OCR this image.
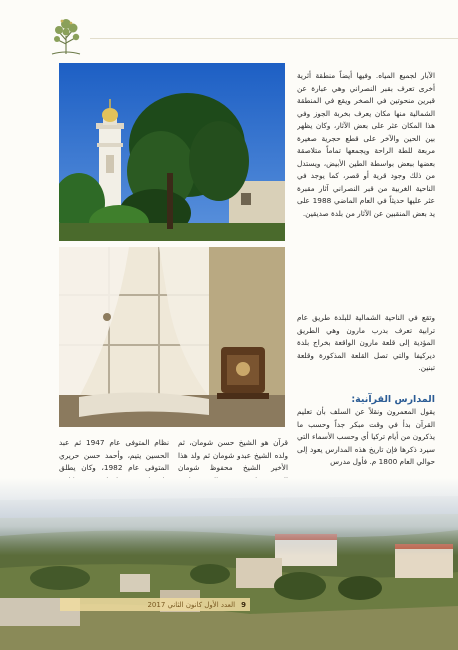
الآبار لجميع المياه. وفيها أيضاً منطقة أثرية أخرى تعرف بقبر النصراني وهي عبارة عن قبرين منحوتين في الصخر ويقع في المنطقة الشمالية منها مكان يعرف بخربة الجوز وفي هذا المكان عثر على بعض الآثار، وكان يظهر بين الحين والآخر على قطع حجرية صغيرة مربعة للطة الراحة ويجمعها تماماً متلاصقة بعضها ببعض بواسطة الطين الأبيض، ويستدل من ذلك وجود قرية أو قصر، كما يوجد في الناحية الغربية من قبر النصراني آثار مقبرة عثر عليها حديثاً في العام الماضي 1988 على يد بعض المنقبين عن الآثار من بلدة صديقين.
وتقع في الناحية الشمالية للبلدة طريق عام ترابية تعرف بدرب مارون وهي الطريق المؤدية إلى قلعة مارون الواقعة بخراج بلدة ديركيفا والتي تصل القلعة المذكورة وقلعة تبنين.
المدارس القرآنية:
يقول المعمرون ونقلاً عن السلف بأن تعليم القرآن بدأ في وقت مبكر جداً وحسب ما يذكرون من أيام تركيا أي وحسب الأسماء التي سيرد ذكرها فإن تاريخ هذه المدارس يعود إلى حوالي العام 1800 م. فأول مدرس
قرآن هو الشيخ حسن شومان، ثم ولده الشيخ عبدو شومان ثم ولد هذا الأخير الشيخ محفوظ شومان
نظام المتوفى عام 1947 ثم عبد الحسين يتيم، وأحمد حسن حريري المتوفى عام 1982، وكان يطلق
9
العدد الأول كانون الثاني 2017
